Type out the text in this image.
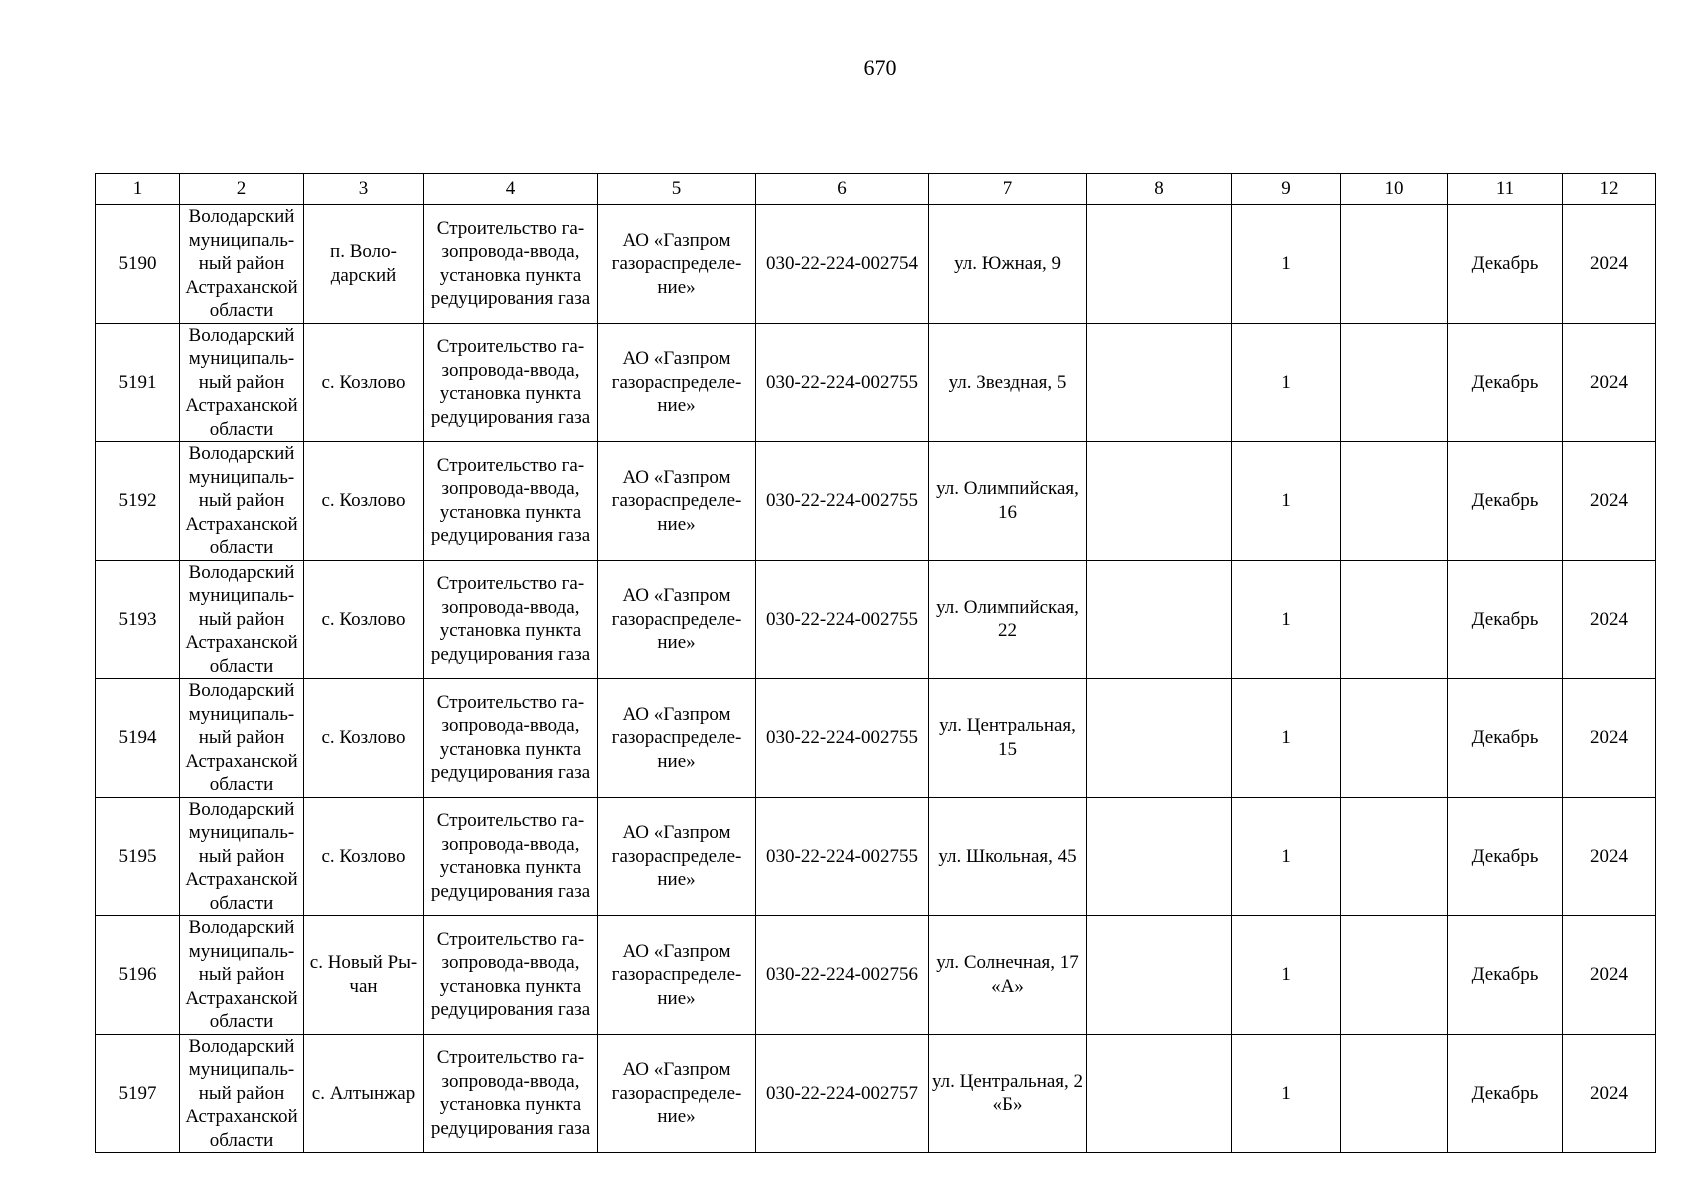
670
1	2	3	4	5	6	7	8	9	10	11	12
5190	Володарский муниципаль-ный район Астраханской области	п. Воло-дарский	Строительство га-зопровода-ввода, установка пункта редуцирования газа	АО «Газпром газораспределе-ние»	030-22-224-002754	ул. Южная, 9		1		Декабрь	2024
5191	Володарский муниципаль-ный район Астраханской области	с. Козлово	Строительство га-зопровода-ввода, установка пункта редуцирования газа	АО «Газпром газораспределе-ние»	030-22-224-002755	ул. Звездная, 5		1		Декабрь	2024
5192	Володарский муниципаль-ный район Астраханской области	с. Козлово	Строительство га-зопровода-ввода, установка пункта редуцирования газа	АО «Газпром газораспределе-ние»	030-22-224-002755	ул. Олимпийская, 16		1		Декабрь	2024
5193	Володарский муниципаль-ный район Астраханской области	с. Козлово	Строительство га-зопровода-ввода, установка пункта редуцирования газа	АО «Газпром газораспределе-ние»	030-22-224-002755	ул. Олимпийская, 22		1		Декабрь	2024
5194	Володарский муниципаль-ный район Астраханской области	с. Козлово	Строительство га-зопровода-ввода, установка пункта редуцирования газа	АО «Газпром газораспределе-ние»	030-22-224-002755	ул. Центральная, 15		1		Декабрь	2024
5195	Володарский муниципаль-ный район Астраханской области	с. Козлово	Строительство га-зопровода-ввода, установка пункта редуцирования газа	АО «Газпром газораспределе-ние»	030-22-224-002755	ул. Школьная, 45		1		Декабрь	2024
5196	Володарский муниципаль-ный район Астраханской области	с. Новый Ры-чан	Строительство га-зопровода-ввода, установка пункта редуцирования газа	АО «Газпром газораспределе-ние»	030-22-224-002756	ул. Солнечная, 17 «А»		1		Декабрь	2024
5197	Володарский муниципаль-ный район Астраханской области	с. Алтынжар	Строительство га-зопровода-ввода, установка пункта редуцирования газа	АО «Газпром газораспределе-ние»	030-22-224-002757	ул. Центральная, 2 «Б»		1		Декабрь	2024
